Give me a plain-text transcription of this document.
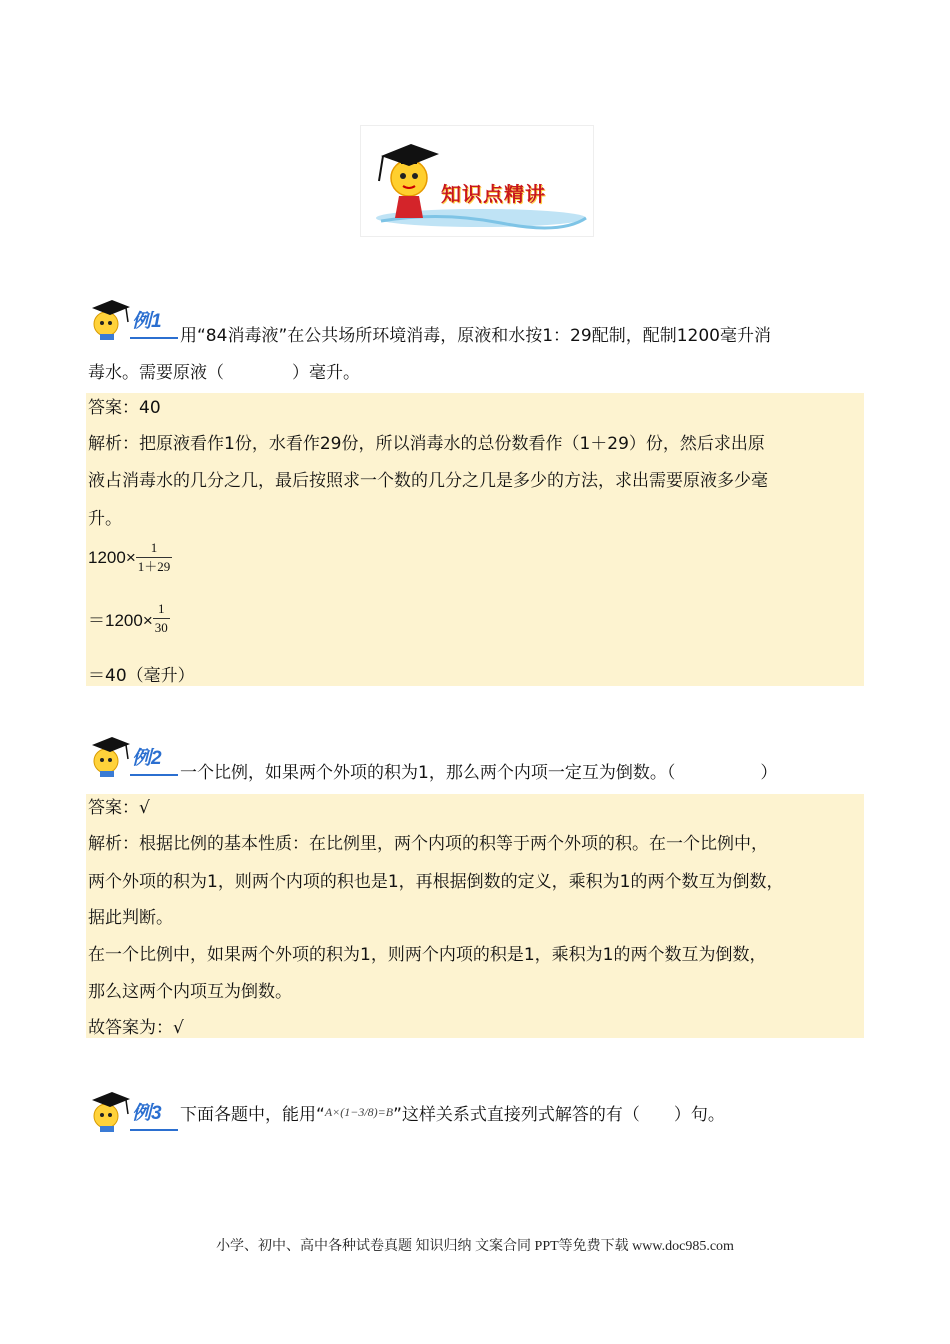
知识点精讲
例1
用“84消毒液”在公共场所环境消毒，原液和水按1：29配制，配制1200毫升消
毒水。需要原液（　　　　）毫升。
答案：40
解析：把原液看作1份，水看作29份，所以消毒水的总份数看作（1＋29）份，然后求出原
液占消毒水的几分之几，最后按照求一个数的几分之几是多少的方法，求出需要原液多少毫
升。
$1200\times \frac{1}{1+29}$
$=1200\times \frac{1}{30}$
＝40（毫升）
例2
一个比例，如果两个外项的积为1，那么两个内项一定互为倒数。（　　　　　）
答案：√
解析：根据比例的基本性质：在比例里，两个内项的积等于两个外项的积。在一个比例中，
两个外项的积为1，则两个内项的积也是1，再根据倒数的定义，乘积为1的两个数互为倒数，
据此判断。
在一个比例中，如果两个外项的积为1，则两个内项的积是1，乘积为1的两个数互为倒数，
那么这两个内项互为倒数。
故答案为：√
例3 下面各题中，能用“ A×(1−3/8)=B ”这样关系式直接列式解答的有（　　）句。
小学、初中、高中各种试卷真题 知识归纳 文案合同 PPT等免费下载 www.doc985.com
